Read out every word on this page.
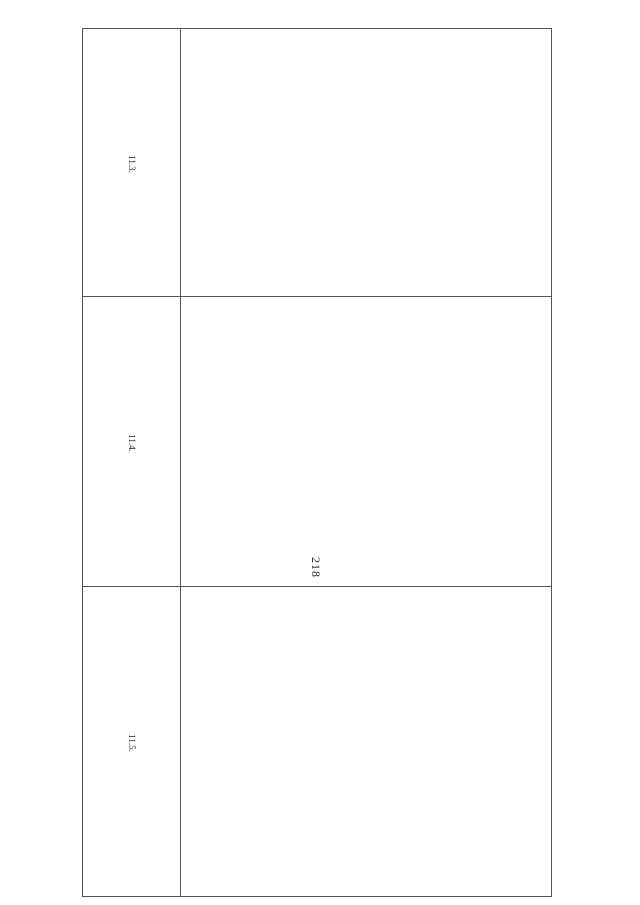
218
11.3.	
11.4.	
11.5.	
